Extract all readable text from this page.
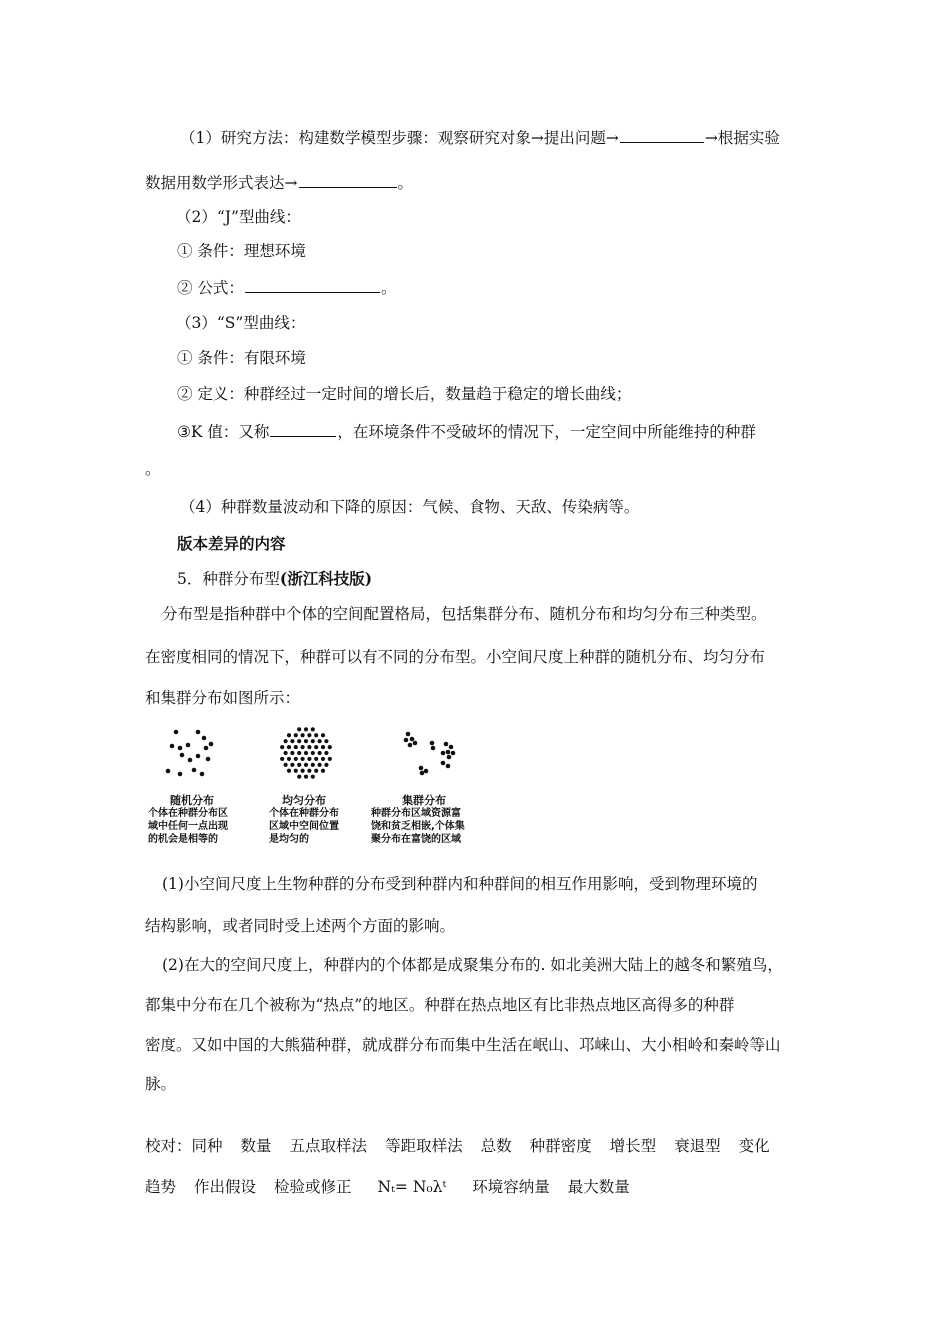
（1）研究方法：构建数学模型步骤：观察研究对象→提出问题→	→根据实验
数据用数学形式表达→	。
（2）“J”型曲线：
① 条件：理想环境
② 公式：	。
（3）“S”型曲线：
① 条件：有限环境
② 定义：种群经过一定时间的增长后，数量趋于稳定的增长曲线；
③K 值：又称	，在环境条件不受破坏的情况下，一定空间中所能维持的种群
。
（4）种群数量波动和下降的原因：气候、食物、天敌、传染病等。
版本差异的内容
5．种群分布型(浙江科技版)
分布型是指种群中个体的空间配置格局，包括集群分布、随机分布和均匀分布三种类型。
在密度相同的情况下，种群可以有不同的分布型。小空间尺度上种群的随机分布、均匀分布
和集群分布如图所示：
随机分布
个体在种群分布区
域中任何一点出现
的机会是相等的
均匀分布
个体在种群分布
区域中空间位置
是均匀的
集群分布
种群分布区域资源富
饶和贫乏相嵌,个体集
聚分布在富饶的区域
(1)小空间尺度上生物种群的分布受到种群内和种群间的相互作用影响，受到物理环境的
结构影响，或者同时受上述两个方面的影响。
(2)在大的空间尺度上，种群内的个体都是成聚集分布的. 如北美洲大陆上的越冬和繁殖鸟，
都集中分布在几个被称为“热点”的地区。种群在热点地区有比非热点地区高得多的种群
密度。又如中国的大熊猫种群，就成群分布而集中生活在岷山、邛崃山、大小相岭和秦岭等山
脉。
校对：同种 数量 五点取样法 等距取样法 总数 种群密度 增长型 衰退型 变化
趋势 作出假设 检验或修正 Nₜ= N₀λᵗ 环境容纳量 最大数量
